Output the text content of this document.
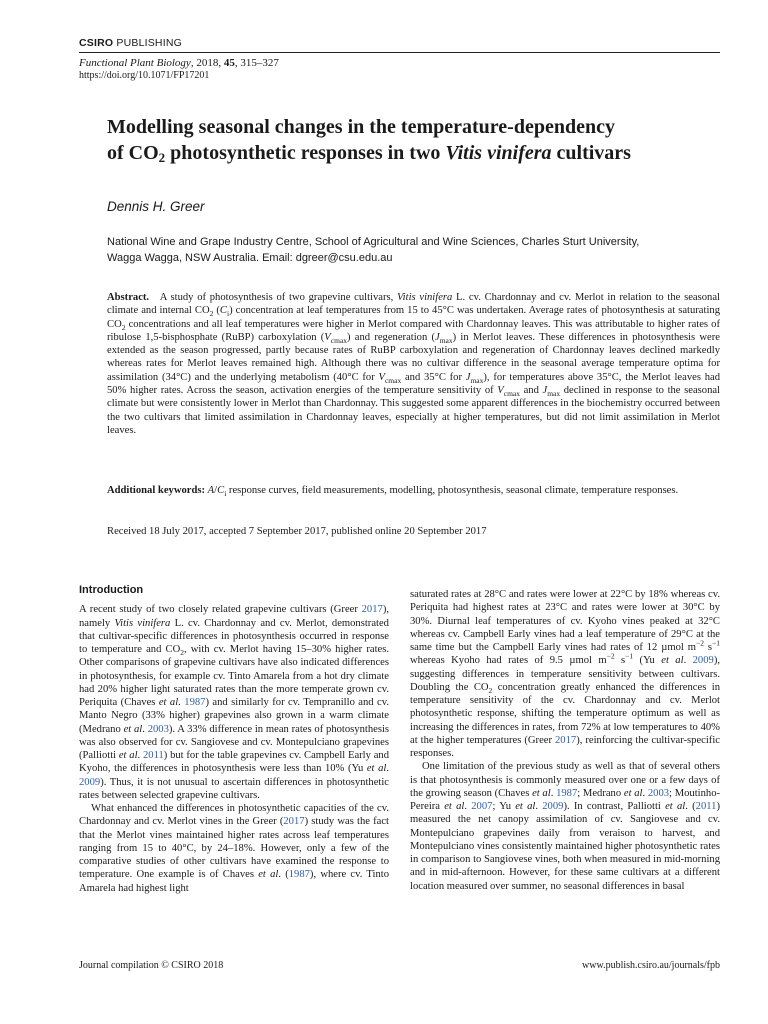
CSIRO PUBLISHING
Functional Plant Biology, 2018, 45, 315–327
https://doi.org/10.1071/FP17201
Modelling seasonal changes in the temperature-dependency
of $CO_2$ photosynthetic responses in two Vitis vinifera cultivars
Dennis H. Greer
National Wine and Grape Industry Centre, School of Agricultural and Wine Sciences, Charles Sturt University,
Wagga Wagga, NSW Australia. Email: dgreer@csu.edu.au
Abstract. A study of photosynthesis of two grapevine cultivars, Vitis vinifera L. cv. Chardonnay and cv. Merlot in relation to the seasonal climate and internal $CO_2$ $(C_i)$ concentration at leaf temperatures from 15 to 45°C was undertaken. Average rates of photosynthesis at saturating $CO_2$ concentrations and all leaf temperatures were higher in Merlot compared with Chardonnay leaves. This was attributable to higher rates of ribulose 1,5-bisphosphate (RuBP) carboxylation $(V_{cmax})$ and regeneration $(J_{max})$ in Merlot leaves. These differences in photosynthesis were extended as the season progressed, partly because rates of RuBP carboxylation and regeneration of Chardonnay leaves declined markedly whereas rates for Merlot leaves remained high. Although there was no cultivar difference in the seasonal average temperature optima for assimilation (34°C) and the underlying metabolism (40°C for $V_{cmax}$ and 35°C for $J_{max}$), for temperatures above 35°C, the Merlot leaves had 50% higher rates. Across the season, activation energies of the temperature sensitivity of $V_{cmax}$ and $J_{max}$ declined in response to the seasonal climate but were consistently lower in Merlot than Chardonnay. This suggested some apparent differences in the biochemistry occurred between the two cultivars that limited assimilation in Chardonnay leaves, especially at higher temperatures, but did not limit assimilation in Merlot leaves.
Additional keywords: $A/C_i$ response curves, field measurements, modelling, photosynthesis, seasonal climate, temperature responses.
Received 18 July 2017, accepted 7 September 2017, published online 20 September 2017
Introduction

A recent study of two closely related grapevine cultivars (Greer 2017), namely Vitis vinifera L. cv. Chardonnay and cv. Merlot, demonstrated that cultivar-specific differences in photosynthesis occurred in response to temperature and $CO_2$, with cv. Merlot having 15–30% higher rates. Other comparisons of grapevine cultivars have also indicated differences in photosynthesis, for example cv. Tinto Amarela from a hot dry climate had 20% higher light saturated rates than the more temperate grown cv. Periquita (Chaves et al. 1987) and similarly for cv. Tempranillo and cv. Manto Negro (33% higher) grapevines also grown in a warm climate (Medrano et al. 2003). A 33% difference in mean rates of photosynthesis was also observed for cv. Sangiovese and cv. Montepulciano grapevines (Palliotti et al. 2011) but for the table grapevines cv. Campbell Early and Kyoho, the differences in photosynthesis were less than 10% (Yu et al. 2009). Thus, it is not unusual to ascertain differences in photosynthetic rates between selected grapevine cultivars.

What enhanced the differences in photosynthetic capacities of the cv. Chardonnay and cv. Merlot vines in the Greer (2017) study was the fact that the Merlot vines maintained higher rates across leaf temperatures ranging from 15 to 40°C, by 24–18%. However, only a few of the comparative studies of other cultivars have examined the response to temperature. One example is of Chaves et al. (1987), where cv. Tinto Amarela had highest light

saturated rates at 28°C and rates were lower at 22°C by 18% whereas cv. Periquita had highest rates at 23°C and rates were lower at 30°C by 30%. Diurnal leaf temperatures of cv. Kyoho vines peaked at 32°C whereas cv. Campbell Early vines had a leaf temperature of 29°C at the same time but the Campbell Early vines had rates of 12 µmol $m^{-2}$ $s^{-1}$ whereas Kyoho had rates of 9.5 µmol $m^{-2}$ $s^{-1}$ (Yu et al. 2009), suggesting differences in temperature sensitivity between cultivars. Doubling the $CO_2$ concentration greatly enhanced the differences in temperature sensitivity of the cv. Chardonnay and cv. Merlot photosynthetic response, shifting the temperature optimum as well as increasing the differences in rates, from 72% at low temperatures to 40% at the higher temperatures (Greer 2017), reinforcing the cultivar-specific responses.

One limitation of the previous study as well as that of several others is that photosynthesis is commonly measured over one or a few days of the growing season (Chaves et al. 1987; Medrano et al. 2003; Moutinho-Pereira et al. 2007; Yu et al. 2009). In contrast, Palliotti et al. (2011) measured the net canopy assimilation of cv. Sangiovese and cv. Montepulciano grapevines daily from veraison to harvest, and Montepulciano vines consistently maintained higher photosynthetic rates in comparison to Sangiovese vines, both when measured in mid-morning and in mid-afternoon. However, for these same cultivars at a different location measured over summer, no seasonal differences in basal

Journal compilation © CSIRO 2018	www.publish.csiro.au/journals/fpb
